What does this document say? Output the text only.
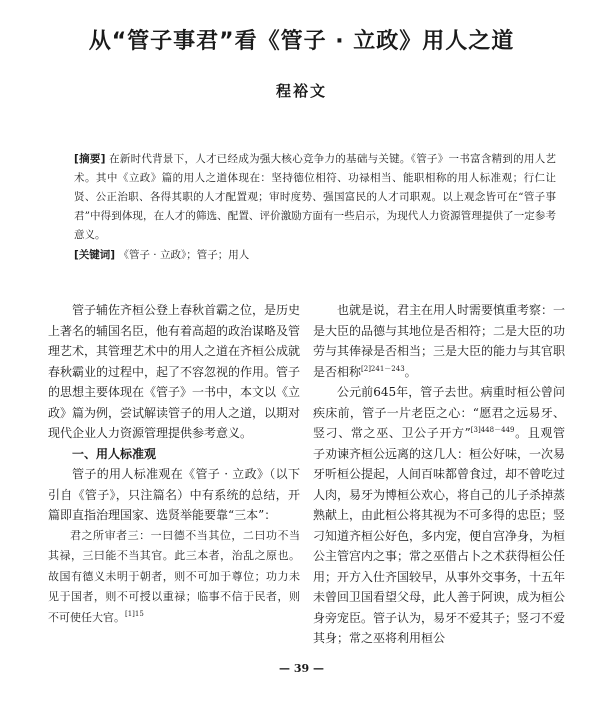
从“管子事君”看《管子 · 立政》用人之道
程裕文
[摘要] 在新时代背景下，人才已经成为强大核心竞争力的基础与关键。《管子》一书富含精到的用人艺术。其中《立政》篇的用人之道体现在：坚持德位相符、功禄相当、能职相称的用人标准观；行仁让贤、公正治职、各得其职的人才配置观；审时度势、强国富民的人才司职观。以上观念皆可在“管子事君”中得到体现，在人才的筛选、配置、评价激励方面有一些启示，为现代人力资源管理提供了一定参考意义。
[关键词] 《管子 · 立政》；管子；用人

管子辅佐齐桓公登上春秋首霸之位，是历史上著名的辅国名臣，他有着高超的政治谋略及管理艺术，其管理艺术中的用人之道在齐桓公成就春秋霸业的过程中，起了不容忽视的作用。管子的思想主要体现在《管子》一书中，本文以《立政》篇为例，尝试解读管子的用人之道，以期对现代企业人力资源管理提供参考意义。

一、用人标准观

管子的用人标准观在《管子 · 立政》（以下引自《管子》，只注篇名）中有系统的总结，开篇即直指治理国家、选贤举能要靠“三本”：

君之所审者三：一曰德不当其位，二曰功不当其禄，三曰能不当其官。此三本者，治乱之原也。故国有德义未明于朝者，则不可加于尊位；功力未见于国者，则不可授以重禄；临事不信于民者，则不可使任大官。$^{[1]15}$

也就是说，君主在用人时需要慎重考察：一是大臣的品德与其地位是否相符；二是大臣的功劳与其俸禄是否相当；三是大臣的能力与其官职是否相称$^{[2]241-243}$。

公元前645年，管子去世。病重时桓公曾问疾床前，管子一片老臣之心：“愿君之远易牙、竖刁、常之巫、卫公子开方”$^{[3]448-449}$。且观管子劝谏齐桓公远离的这几人：桓公好味，一次易牙听桓公提起，人间百味都曾食过，却不曾吃过人肉，易牙为博桓公欢心，将自己的儿子杀掉蒸熟献上，由此桓公将其视为不可多得的忠臣；竖刁知道齐桓公好色，多内宠，便自宫净身，为桓公主管宫内之事；常之巫借占卜之术获得桓公任用；开方入仕齐国较早，从事外交事务，十五年未曾回卫国看望父母，此人善于阿谀，成为桓公身旁宠臣。管子认为，易牙不爱其子；竖刁不爱其身；常之巫将利用桓公

— 39 —
